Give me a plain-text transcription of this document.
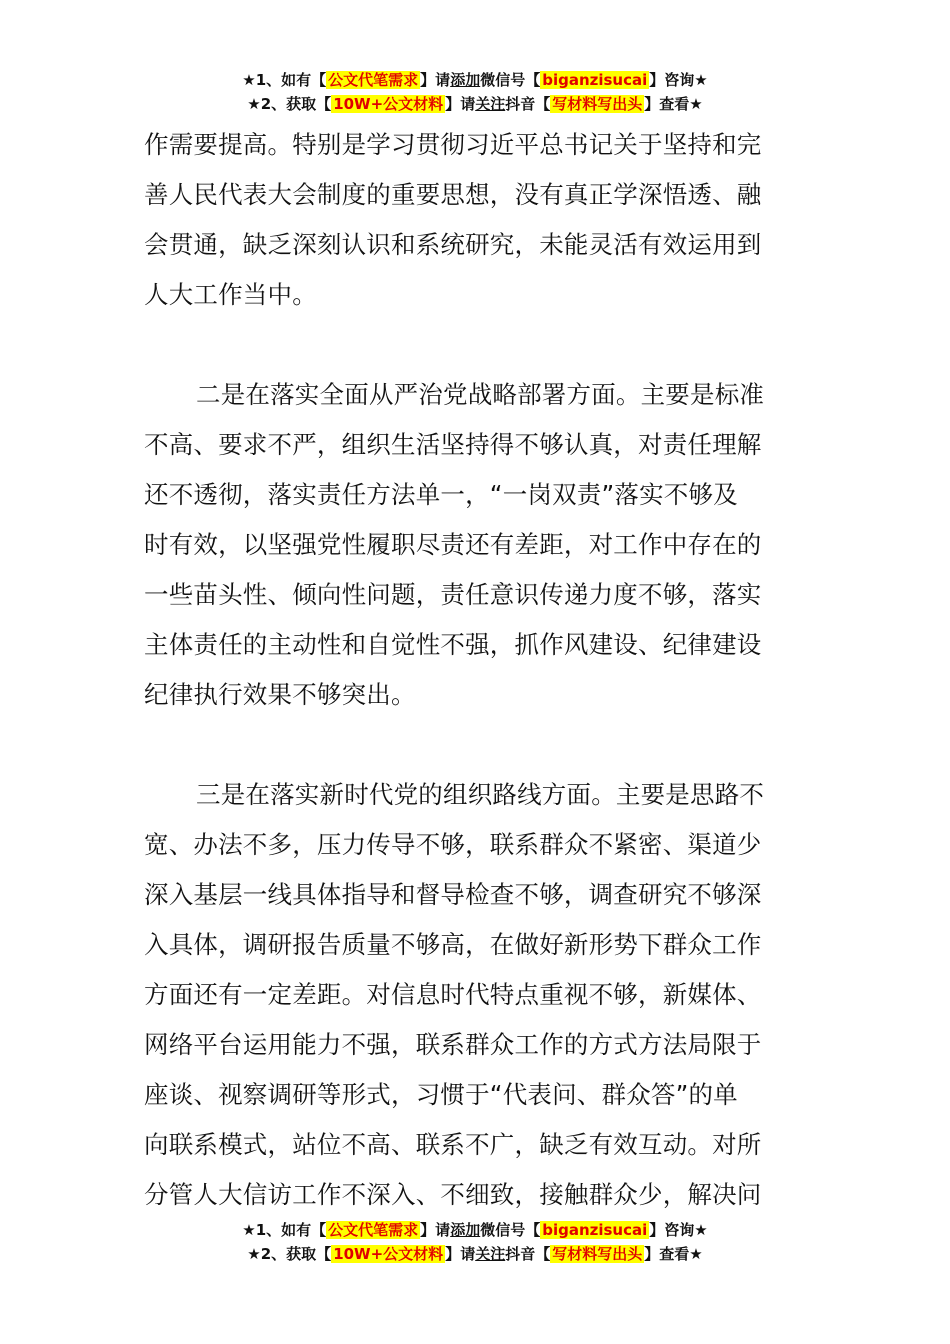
★1、如有【 公文代笔需求 】请添加微信号【 biganzisucai 】咨询★
★2、获取【 10W+公文材料 】请关注抖音【 写材料写出头 】查看★

作需要提高。特别是学习贯彻习近平总书记关于坚持和完

善人民代表大会制度的重要思想，没有真正学深悟透、融

会贯通，缺乏深刻认识和系统研究，未能灵活有效运用到

人大工作当中。

二是在落实全面从严治党战略部署方面。主要是标准

不高、要求不严，组织生活坚持得不够认真，对责任理解

还不透彻，落实责任方法单一，“一岗双责”落实不够及

时有效，以坚强党性履职尽责还有差距，对工作中存在的

一些苗头性、倾向性问题，责任意识传递力度不够，落实

主体责任的主动性和自觉性不强，抓作风建设、纪律建设

纪律执行效果不够突出。

三是在落实新时代党的组织路线方面。主要是思路不

宽、办法不多，压力传导不够，联系群众不紧密、渠道少

深入基层一线具体指导和督导检查不够，调查研究不够深

入具体，调研报告质量不够高，在做好新形势下群众工作

方面还有一定差距。对信息时代特点重视不够，新媒体、

网络平台运用能力不强，联系群众工作的方式方法局限于

座谈、视察调研等形式，习惯于“代表问、群众答”的单

向联系模式，站位不高、联系不广，缺乏有效互动。对所

分管人大信访工作不深入、不细致，接触群众少，解决问

★1、如有【 公文代笔需求 】请添加微信号【 biganzisucai 】咨询★
★2、获取【 10W+公文材料 】请关注抖音【 写材料写出头 】查看★
